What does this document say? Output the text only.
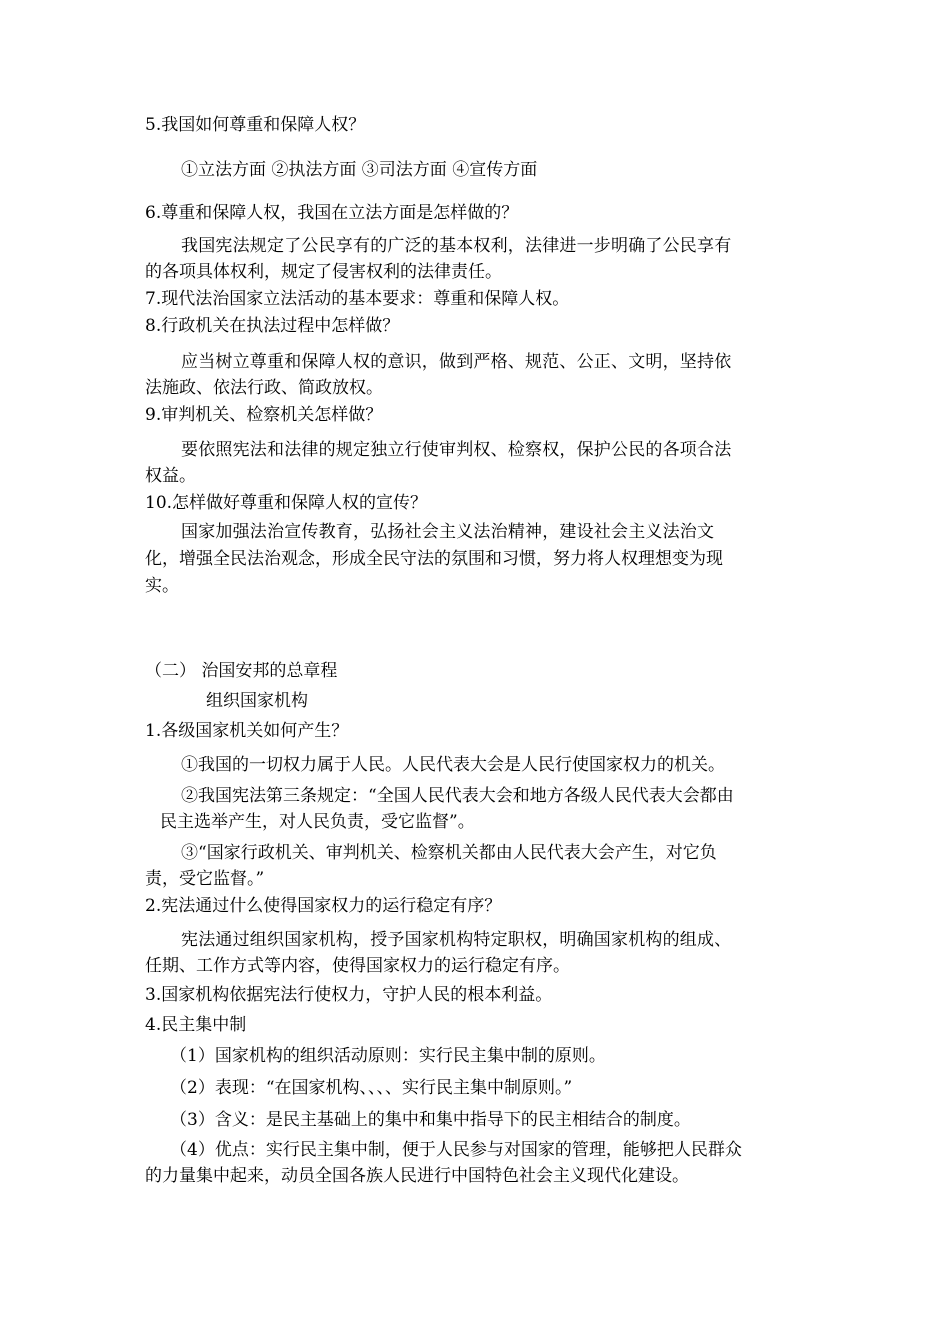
5.我国如何尊重和保障人权？
①立法方面 ②执法方面 ③司法方面 ④宣传方面
6.尊重和保障人权，我国在立法方面是怎样做的？
我国宪法规定了公民享有的广泛的基本权利，法律进一步明确了公民享有
的各项具体权利，规定了侵害权利的法律责任。
7.现代法治国家立法活动的基本要求：尊重和保障人权。
8.行政机关在执法过程中怎样做？
应当树立尊重和保障人权的意识，做到严格、规范、公正、文明，坚持依
法施政、依法行政、简政放权。
9.审判机关、检察机关怎样做？
要依照宪法和法律的规定独立行使审判权、检察权，保护公民的各项合法
权益。
10.怎样做好尊重和保障人权的宣传？
国家加强法治宣传教育，弘扬社会主义法治精神，建设社会主义法治文
化，增强全民法治观念，形成全民守法的氛围和习惯，努力将人权理想变为现
实。
（二） 治国安邦的总章程
组织国家机构
1.各级国家机关如何产生？
①我国的一切权力属于人民。人民代表大会是人民行使国家权力的机关。
②我国宪法第三条规定：“全国人民代表大会和地方各级人民代表大会都由
民主选举产生，对人民负责，受它监督”。
③“国家行政机关、审判机关、检察机关都由人民代表大会产生，对它负
责，受它监督。”
2.宪法通过什么使得国家权力的运行稳定有序？
宪法通过组织国家机构，授予国家机构特定职权，明确国家机构的组成、
任期、工作方式等内容，使得国家权力的运行稳定有序。
3.国家机构依据宪法行使权力，守护人民的根本利益。
4.民主集中制
（1）国家机构的组织活动原则：实行民主集中制的原则。
（2）表现：“在国家机构、、、、实行民主集中制原则。”
（3）含义：是民主基础上的集中和集中指导下的民主相结合的制度。
（4）优点：实行民主集中制，便于人民参与对国家的管理，能够把人民群众
的力量集中起来，动员全国各族人民进行中国特色社会主义现代化建设。
